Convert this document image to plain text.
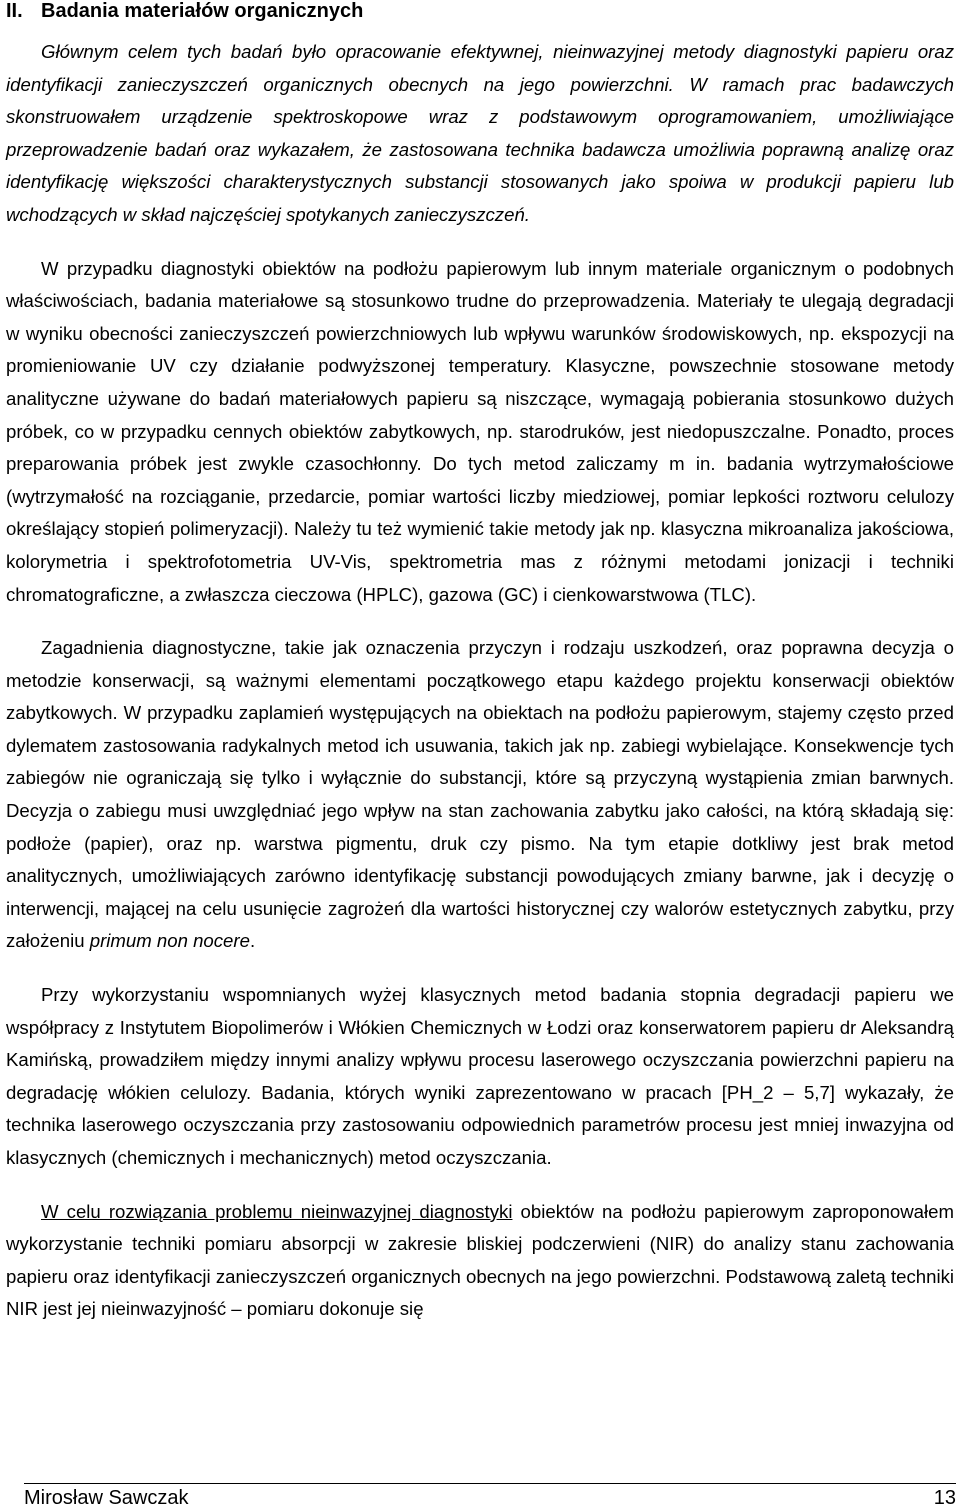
II. Badania materiałów organicznych

Głównym celem tych badań było opracowanie efektywnej, nieinwazyjnej metody diagnostyki papieru oraz identyfikacji zanieczyszczeń organicznych obecnych na jego powierzchni. W ramach prac badawczych skonstruowałem urządzenie spektroskopowe wraz z podstawowym oprogramowaniem, umożliwiające przeprowadzenie badań oraz wykazałem, że zastosowana technika badawcza umożliwia poprawną analizę oraz identyfikację większości charakterystycznych substancji stosowanych jako spoiwa w produkcji papieru lub wchodzących w skład najczęściej spotykanych zanieczyszczeń.

W przypadku diagnostyki obiektów na podłożu papierowym lub innym materiale organicznym o podobnych właściwościach, badania materiałowe są stosunkowo trudne do przeprowadzenia. Materiały te ulegają degradacji w wyniku obecności zanieczyszczeń powierzchniowych lub wpływu warunków środowiskowych, np. ekspozycji na promieniowanie UV czy działanie podwyższonej temperatury. Klasyczne, powszechnie stosowane metody analityczne używane do badań materiałowych papieru są niszczące, wymagają pobierania stosunkowo dużych próbek, co w przypadku cennych obiektów zabytkowych, np. starodruków, jest niedopuszczalne. Ponadto, proces preparowania próbek jest zwykle czasochłonny. Do tych metod zaliczamy m in. badania wytrzymałościowe (wytrzymałość na rozciąganie, przedarcie, pomiar wartości liczby miedziowej, pomiar lepkości roztworu celulozy określający stopień polimeryzacji). Należy tu też wymienić takie metody jak np. klasyczna mikroanaliza jakościowa, kolorymetria i spektrofotometria UV-Vis, spektrometria mas z różnymi metodami jonizacji i techniki chromatograficzne, a zwłaszcza cieczowa (HPLC), gazowa (GC) i cienkowarstwowa (TLC).

Zagadnienia diagnostyczne, takie jak oznaczenia przyczyn i rodzaju uszkodzeń, oraz poprawna decyzja o metodzie konserwacji, są ważnymi elementami początkowego etapu każdego projektu konserwacji obiektów zabytkowych. W przypadku zaplamień występujących na obiektach na podłożu papierowym, stajemy często przed dylematem zastosowania radykalnych metod ich usuwania, takich jak np. zabiegi wybielające. Konsekwencje tych zabiegów nie ograniczają się tylko i wyłącznie do substancji, które są przyczyną wystąpienia zmian barwnych. Decyzja o zabiegu musi uwzględniać jego wpływ na stan zachowania zabytku jako całości, na którą składają się: podłoże (papier), oraz np. warstwa pigmentu, druk czy pismo. Na tym etapie dotkliwy jest brak metod analitycznych, umożliwiających zarówno identyfikację substancji powodujących zmiany barwne, jak i decyzję o interwencji, mającej na celu usunięcie zagrożeń dla wartości historycznej czy walorów estetycznych zabytku, przy założeniu primum non nocere.

Przy wykorzystaniu wspomnianych wyżej klasycznych metod badania stopnia degradacji papieru we współpracy z Instytutem Biopolimerów i Włókien Chemicznych w Łodzi oraz konserwatorem papieru dr Aleksandrą Kamińską, prowadziłem między innymi analizy wpływu procesu laserowego oczyszczania powierzchni papieru na degradację włókien celulozy. Badania, których wyniki zaprezentowano w pracach [PH_2 – 5,7] wykazały, że technika laserowego oczyszczania przy zastosowaniu odpowiednich parametrów procesu jest mniej inwazyjna od klasycznych (chemicznych i mechanicznych) metod oczyszczania.

W celu rozwiązania problemu nieinwazyjnej diagnostyki obiektów na podłożu papierowym zaproponowałem wykorzystanie techniki pomiaru absorpcji w zakresie bliskiej podczerwieni (NIR) do analizy stanu zachowania papieru oraz identyfikacji zanieczyszczeń organicznych obecnych na jego powierzchni. Podstawową zaletą techniki NIR jest jej nieinwazyjność – pomiaru dokonuje się

Mirosław Sawczak	13
